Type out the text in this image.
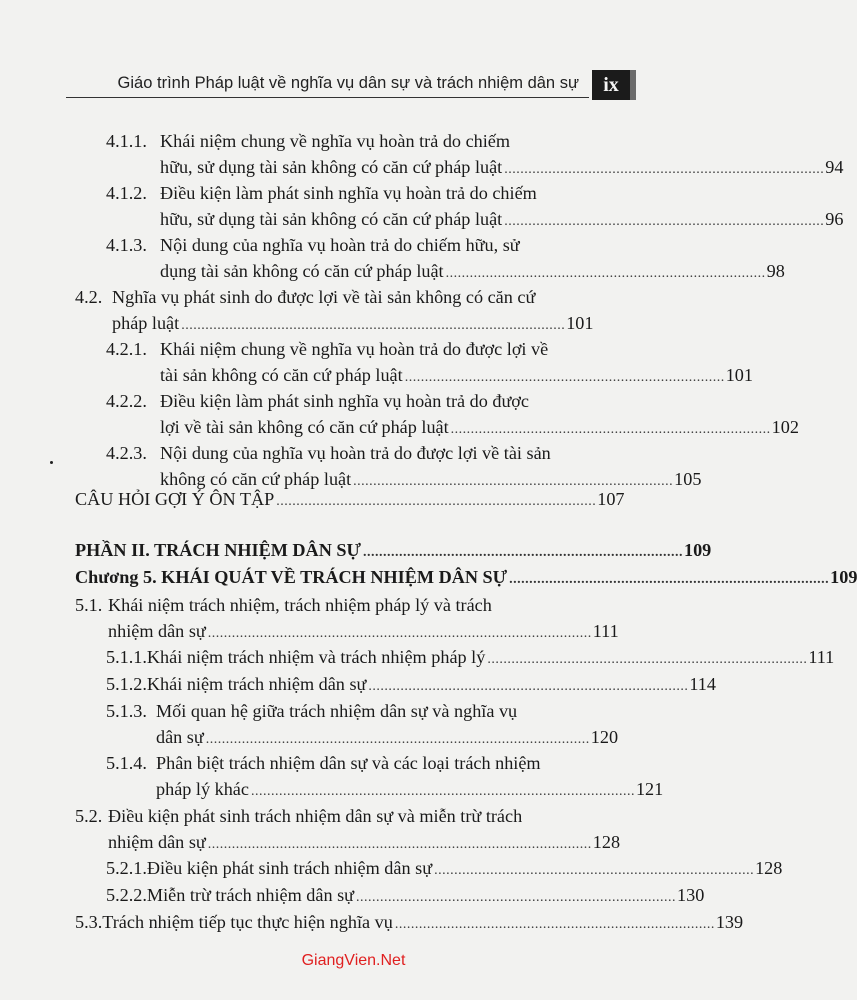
Giáo trình Pháp luật về nghĩa vụ dân sự và trách nhiệm dân sự	ix
4.1.1. Khái niệm chung về nghĩa vụ hoàn trả do chiếm
hữu, sử dụng tài sản không có căn cứ pháp luật ................................................................................ 94
4.1.2. Điều kiện làm phát sinh nghĩa vụ hoàn trả do chiếm
hữu, sử dụng tài sản không có căn cứ pháp luật ................................................................................ 96
4.1.3. Nội dung của nghĩa vụ hoàn trả do chiếm hữu, sử
dụng tài sản không có căn cứ pháp luật ................................................................................ 98
4.2. Nghĩa vụ phát sinh do được lợi về tài sản không có căn cứ
pháp luật ................................................................................................ 101
4.2.1. Khái niệm chung về nghĩa vụ hoàn trả do được lợi về
tài sản không có căn cứ pháp luật ................................................................................ 101
4.2.2. Điều kiện làm phát sinh nghĩa vụ hoàn trả do được
lợi về tài sản không có căn cứ pháp luật ................................................................................ 102
4.2.3. Nội dung của nghĩa vụ hoàn trả do được lợi về tài sản
không có căn cứ pháp luật ................................................................................ 105
CÂU HỎI GỢI Ý ÔN TẬP ................................................................................ 107
PHẦN II. TRÁCH NHIỆM DÂN SỰ ................................................................................ 109
Chương 5. KHÁI QUÁT VỀ TRÁCH NHIỆM DÂN SỰ ................................................................................ 109
5.1. Khái niệm trách nhiệm, trách nhiệm pháp lý và trách
nhiệm dân sự ................................................................................................ 111
5.1.1. Khái niệm trách nhiệm và trách nhiệm pháp lý ................................................................................ 111
5.1.2. Khái niệm trách nhiệm dân sự ................................................................................ 114
5.1.3. Mối quan hệ giữa trách nhiệm dân sự và nghĩa vụ
dân sự ................................................................................................ 120
5.1.4. Phân biệt trách nhiệm dân sự và các loại trách nhiệm
pháp lý khác ................................................................................................ 121
5.2. Điều kiện phát sinh trách nhiệm dân sự và miễn trừ trách
nhiệm dân sự ................................................................................................ 128
5.2.1. Điều kiện phát sinh trách nhiệm dân sự ................................................................................ 128
5.2.2. Miễn trừ trách nhiệm dân sự ................................................................................ 130
5.3. Trách nhiệm tiếp tục thực hiện nghĩa vụ ................................................................................ 139
GiangVien.Net
